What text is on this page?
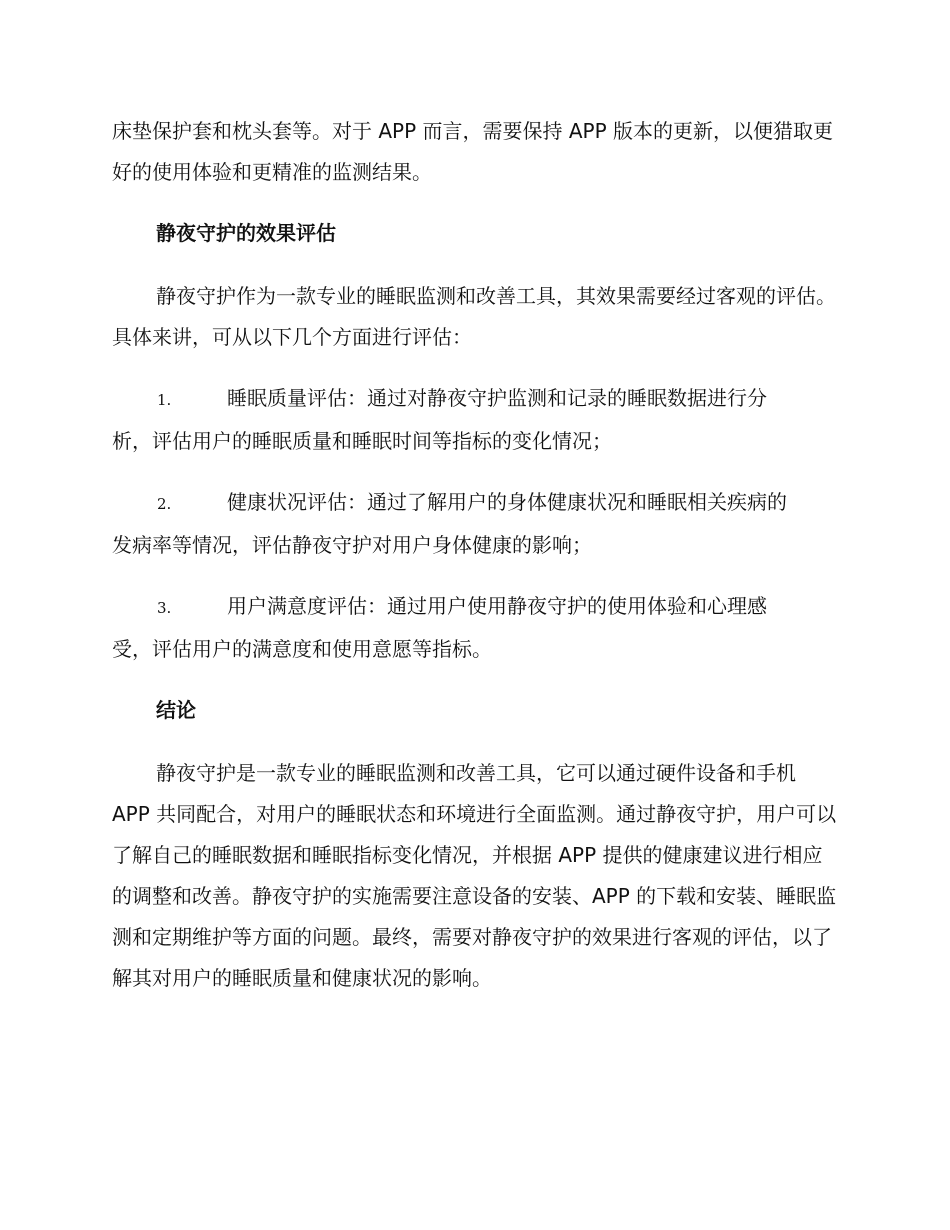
床垫保护套和枕头套等。对于 APP 而言，需要保持 APP 版本的更新，以便猎取更好的使用体验和更精准的监测结果。

静夜守护的效果评估

静夜守护作为一款专业的睡眠监测和改善工具，其效果需要经过客观的评估。具体来讲，可从以下几个方面进行评估：

1.	睡眠质量评估：通过对静夜守护监测和记录的睡眠数据进行分
析，评估用户的睡眠质量和睡眠时间等指标的变化情况；
2.	健康状况评估：通过了解用户的身体健康状况和睡眠相关疾病的
发病率等情况，评估静夜守护对用户身体健康的影响；
3.	用户满意度评估：通过用户使用静夜守护的使用体验和心理感
受，评估用户的满意度和使用意愿等指标。

结论

静夜守护是一款专业的睡眠监测和改善工具，它可以通过硬件设备和手机 APP 共同配合，对用户的睡眠状态和环境进行全面监测。通过静夜守护，用户可以了解自己的睡眠数据和睡眠指标变化情况，并根据 APP 提供的健康建议进行相应的调整和改善。静夜守护的实施需要注意设备的安装、APP 的下载和安装、睡眠监测和定期维护等方面的问题。最终，需要对静夜守护的效果进行客观的评估，以了解其对用户的睡眠质量和健康状况的影响。
